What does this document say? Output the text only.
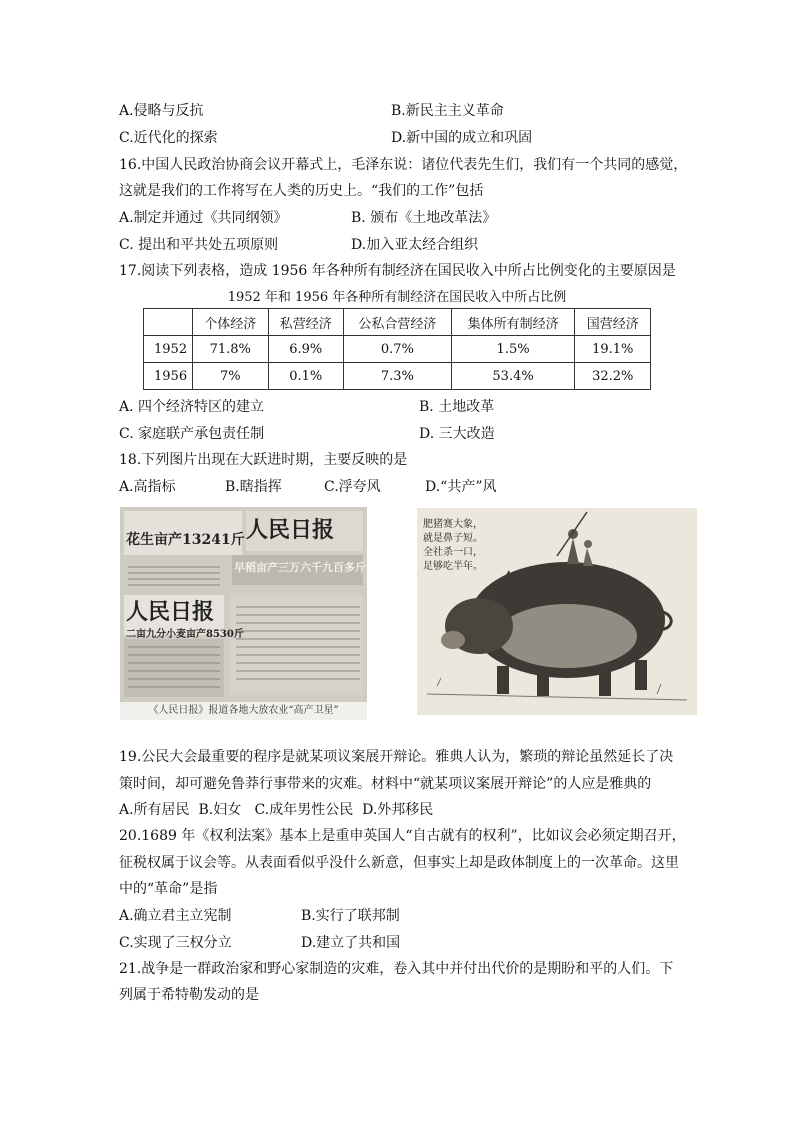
A.侵略与反抗	B.新民主主义革命
C.近代化的探索	D.新中国的成立和巩固
16.中国人民政治协商会议开幕式上，毛泽东说：诸位代表先生们，我们有一个共同的感觉，
这就是我们的工作将写在人类的历史上。“我们的工作”包括
A.制定并通过《共同纲领》	B. 颁布《土地改革法》
C. 提出和平共处五项原则	D.加入亚太经合组织
17.阅读下列表格，造成 1956 年各种所有制经济在国民收入中所占比例变化的主要原因是
1952 年和 1956 年各种所有制经济在国民收入中所占比例
	个体经济	私营经济	公私合营经济	集体所有制经济	国营经济
1952	71.8%	6.9%	0.7%	1.5%	19.1%
1956	7%	0.1%	7.3%	53.4%	32.2%
A. 四个经济特区的建立	B. 土地改革
C. 家庭联产承包责任制	D. 三大改造
18.下列图片出现在大跃进时期，主要反映的是
A.高指标	B.瞎指挥	C.浮夸风	D.“共产”风
人民日报
花生亩产13241斤
早稻亩产三万六千九百多斤
人民日报
二亩九分小麦亩产8530斤
《人民日报》报道各地大放农业“高产卫星”
肥猪赛大象，
就是鼻子短。
全社杀一口，
足够吃半年。
19.公民大会最重要的程序是就某项议案展开辩论。雅典人认为，繁琐的辩论虽然延长了决
策时间，却可避免鲁莽行事带来的灾难。材料中“就某项议案展开辩论”的人应是雅典的
A.所有居民  B.妇女   C.成年男性公民  D.外邦移民
20.1689 年《权利法案》基本上是重申英国人“自古就有的权利”，比如议会必须定期召开，
征税权属于议会等。从表面看似乎没什么新意，但事实上却是政体制度上的一次革命。这里
中的“革命”是指
A.确立君主立宪制	B.实行了联邦制
C.实现了三权分立	D.建立了共和国
21.战争是一群政治家和野心家制造的灾难，卷入其中并付出代价的是期盼和平的人们。下
列属于希特勒发动的是
